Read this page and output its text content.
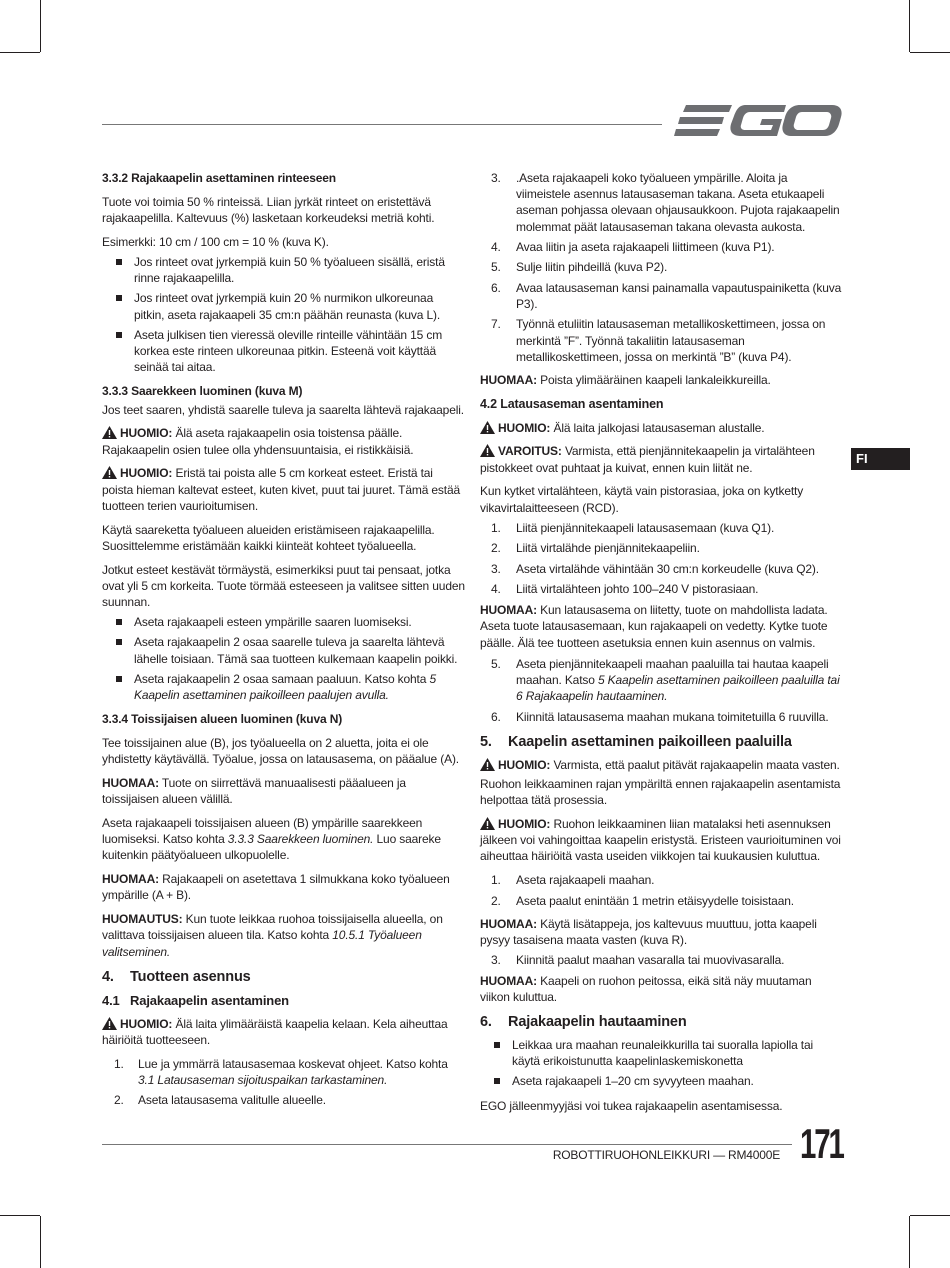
FI
3.3.2 Rajakaapelin asettaminen rinteeseen

Tuote voi toimia 50 % rinteissä. Liian jyrkät rinteet on eristettävä rajakaapelilla. Kaltevuus (%) lasketaan korkeudeksi metriä kohti.

Esimerkki: 10 cm / 100 cm = 10 % (kuva K).

Jos rinteet ovat jyrkempiä kuin 50 % työalueen sisällä, eristä rinne rajakaapelilla.
Jos rinteet ovat jyrkempiä kuin 20 % nurmikon ulkoreunaa pitkin, aseta rajakaapeli 35 cm:n päähän reunasta (kuva L).
Aseta julkisen tien vieressä oleville rinteille vähintään 15 cm korkea este rinteen ulkoreunaa pitkin. Esteenä voit käyttää seinää tai aitaa.
3.3.3 Saarekkeen luominen (kuva M)

Jos teet saaren, yhdistä saarelle tuleva ja saarelta lähtevä rajakaapeli.

HUOMIO: Älä aseta rajakaapelin osia toistensa päälle. Rajakaapelin osien tulee olla yhdensuuntaisia, ei ristikkäisiä.

HUOMIO: Eristä tai poista alle 5 cm korkeat esteet. Eristä tai poista hieman kaltevat esteet, kuten kivet, puut tai juuret. Tämä estää tuotteen terien vaurioitumisen.

Käytä saareketta työalueen alueiden eristämiseen rajakaapelilla. Suosittelemme eristämään kaikki kiinteät kohteet työalueella.

Jotkut esteet kestävät törmäystä, esimerkiksi puut tai pensaat, jotka ovat yli 5 cm korkeita. Tuote törmää esteeseen ja valitsee sitten uuden suunnan.

Aseta rajakaapeli esteen ympärille saaren luomiseksi.
Aseta rajakaapelin 2 osaa saarelle tuleva ja saarelta lähtevä lähelle toisiaan. Tämä saa tuotteen kulkemaan kaapelin poikki.
Aseta rajakaapelin 2 osaa samaan paaluun. Katso kohta 5 Kaapelin asettaminen paikoilleen paalujen avulla.
3.3.4 Toissijaisen alueen luominen (kuva N)

Tee toissijainen alue (B), jos työalueella on 2 aluetta, joita ei ole yhdistetty käytävällä. Työalue, jossa on latausasema, on pääalue (A).

HUOMAA: Tuote on siirrettävä manuaalisesti pääalueen ja toissijaisen alueen välillä.

Aseta rajakaapeli toissijaisen alueen (B) ympärille saarekkeen luomiseksi. Katso kohta 3.3.3 Saarekkeen luominen. Luo saareke kuitenkin päätyöalueen ulkopuolelle.

HUOMAA: Rajakaapeli on asetettava 1 silmukkana koko työalueen ympärille (A + B).

HUOMAUTUS: Kun tuote leikkaa ruohoa toissijaisella alueella, on valittava toissijaisen alueen tila. Katso kohta 10.5.1 Työalueen valitseminen.

4. Tuotteen asennus
4.1 Rajakaapelin asentaminen

HUOMIO: Älä laita ylimääräistä kaapelia kelaan. Kela aiheuttaa häiriöitä tuotteeseen.

1. Lue ja ymmärrä latausasemaa koskevat ohjeet. Katso kohta 3.1 Latausaseman sijoituspaikan tarkastaminen.
2. Aseta latausasema valitulle alueelle.
3. .Aseta rajakaapeli koko työalueen ympärille. Aloita ja viimeistele asennus latausaseman takana. Aseta etukaapeli aseman pohjassa olevaan ohjausaukkoon. Pujota rajakaapelin molemmat päät latausaseman takana olevasta aukosta.
4. Avaa liitin ja aseta rajakaapeli liittimeen (kuva P1).
5. Sulje liitin pihdeillä (kuva P2).
6. Avaa latausaseman kansi painamalla vapautuspainiketta (kuva P3).
7. Työnnä etuliitin latausaseman metallikoskettimeen, jossa on merkintä ”F”. Työnnä takaliitin latausaseman metallikoskettimeen, jossa on merkintä ”B” (kuva P4).

HUOMAA: Poista ylimääräinen kaapeli lankaleikkureilla.

4.2 Latausaseman asentaminen

HUOMIO: Älä laita jalkojasi latausaseman alustalle.

VAROITUS: Varmista, että pienjännitekaapelin ja virtalähteen pistokkeet ovat puhtaat ja kuivat, ennen kuin liität ne.

Kun kytket virtalähteen, käytä vain pistorasiaa, joka on kytketty vikavirtalaitteeseen (RCD).

1. Liitä pienjännitekaapeli latausasemaan (kuva Q1).
2. Liitä virtalähde pienjännitekaapeliin.
3. Aseta virtalähde vähintään 30 cm:n korkeudelle (kuva Q2).
4. Liitä virtalähteen johto 100–240 V pistorasiaan.

HUOMAA: Kun latausasema on liitetty, tuote on mahdollista ladata. Aseta tuote latausasemaan, kun rajakaapeli on vedetty. Kytke tuote päälle. Älä tee tuotteen asetuksia ennen kuin asennus on valmis.

5. Aseta pienjännitekaapeli maahan paaluilla tai hautaa kaapeli maahan. Katso 5 Kaapelin asettaminen paikoilleen paaluilla tai 6 Rajakaapelin hautaaminen.
6. Kiinnitä latausasema maahan mukana toimitetuilla 6 ruuvilla.
5. Kaapelin asettaminen paikoilleen paaluilla

HUOMIO: Varmista, että paalut pitävät rajakaapelin maata vasten.

Ruohon leikkaaminen rajan ympäriltä ennen rajakaapelin asentamista helpottaa tätä prosessia.

HUOMIO: Ruohon leikkaaminen liian matalaksi heti asennuksen jälkeen voi vahingoittaa kaapelin eristystä. Eristeen vaurioituminen voi aiheuttaa häiriöitä vasta useiden viikkojen tai kuukausien kuluttua.

1. Aseta rajakaapeli maahan.
2. Aseta paalut enintään 1 metrin etäisyydelle toisistaan.

HUOMAA: Käytä lisätappeja, jos kaltevuus muuttuu, jotta kaapeli pysyy tasaisena maata vasten (kuva R).

3. Kiinnitä paalut maahan vasaralla tai muovivasaralla.

HUOMAA: Kaapeli on ruohon peitossa, eikä sitä näy muutaman viikon kuluttua.

6. Rajakaapelin hautaaminen
Leikkaa ura maahan reunaleikkurilla tai suoralla lapiolla tai käytä erikoistunutta kaapelinlaskemiskonetta
Aseta rajakaapeli 1–20 cm syvyyteen maahan.

EGO jälleenmyyjäsi voi tukea rajakaapelin asentamisessa.

ROBOTTIRUOHONLEIKKURI — RM4000E 171
